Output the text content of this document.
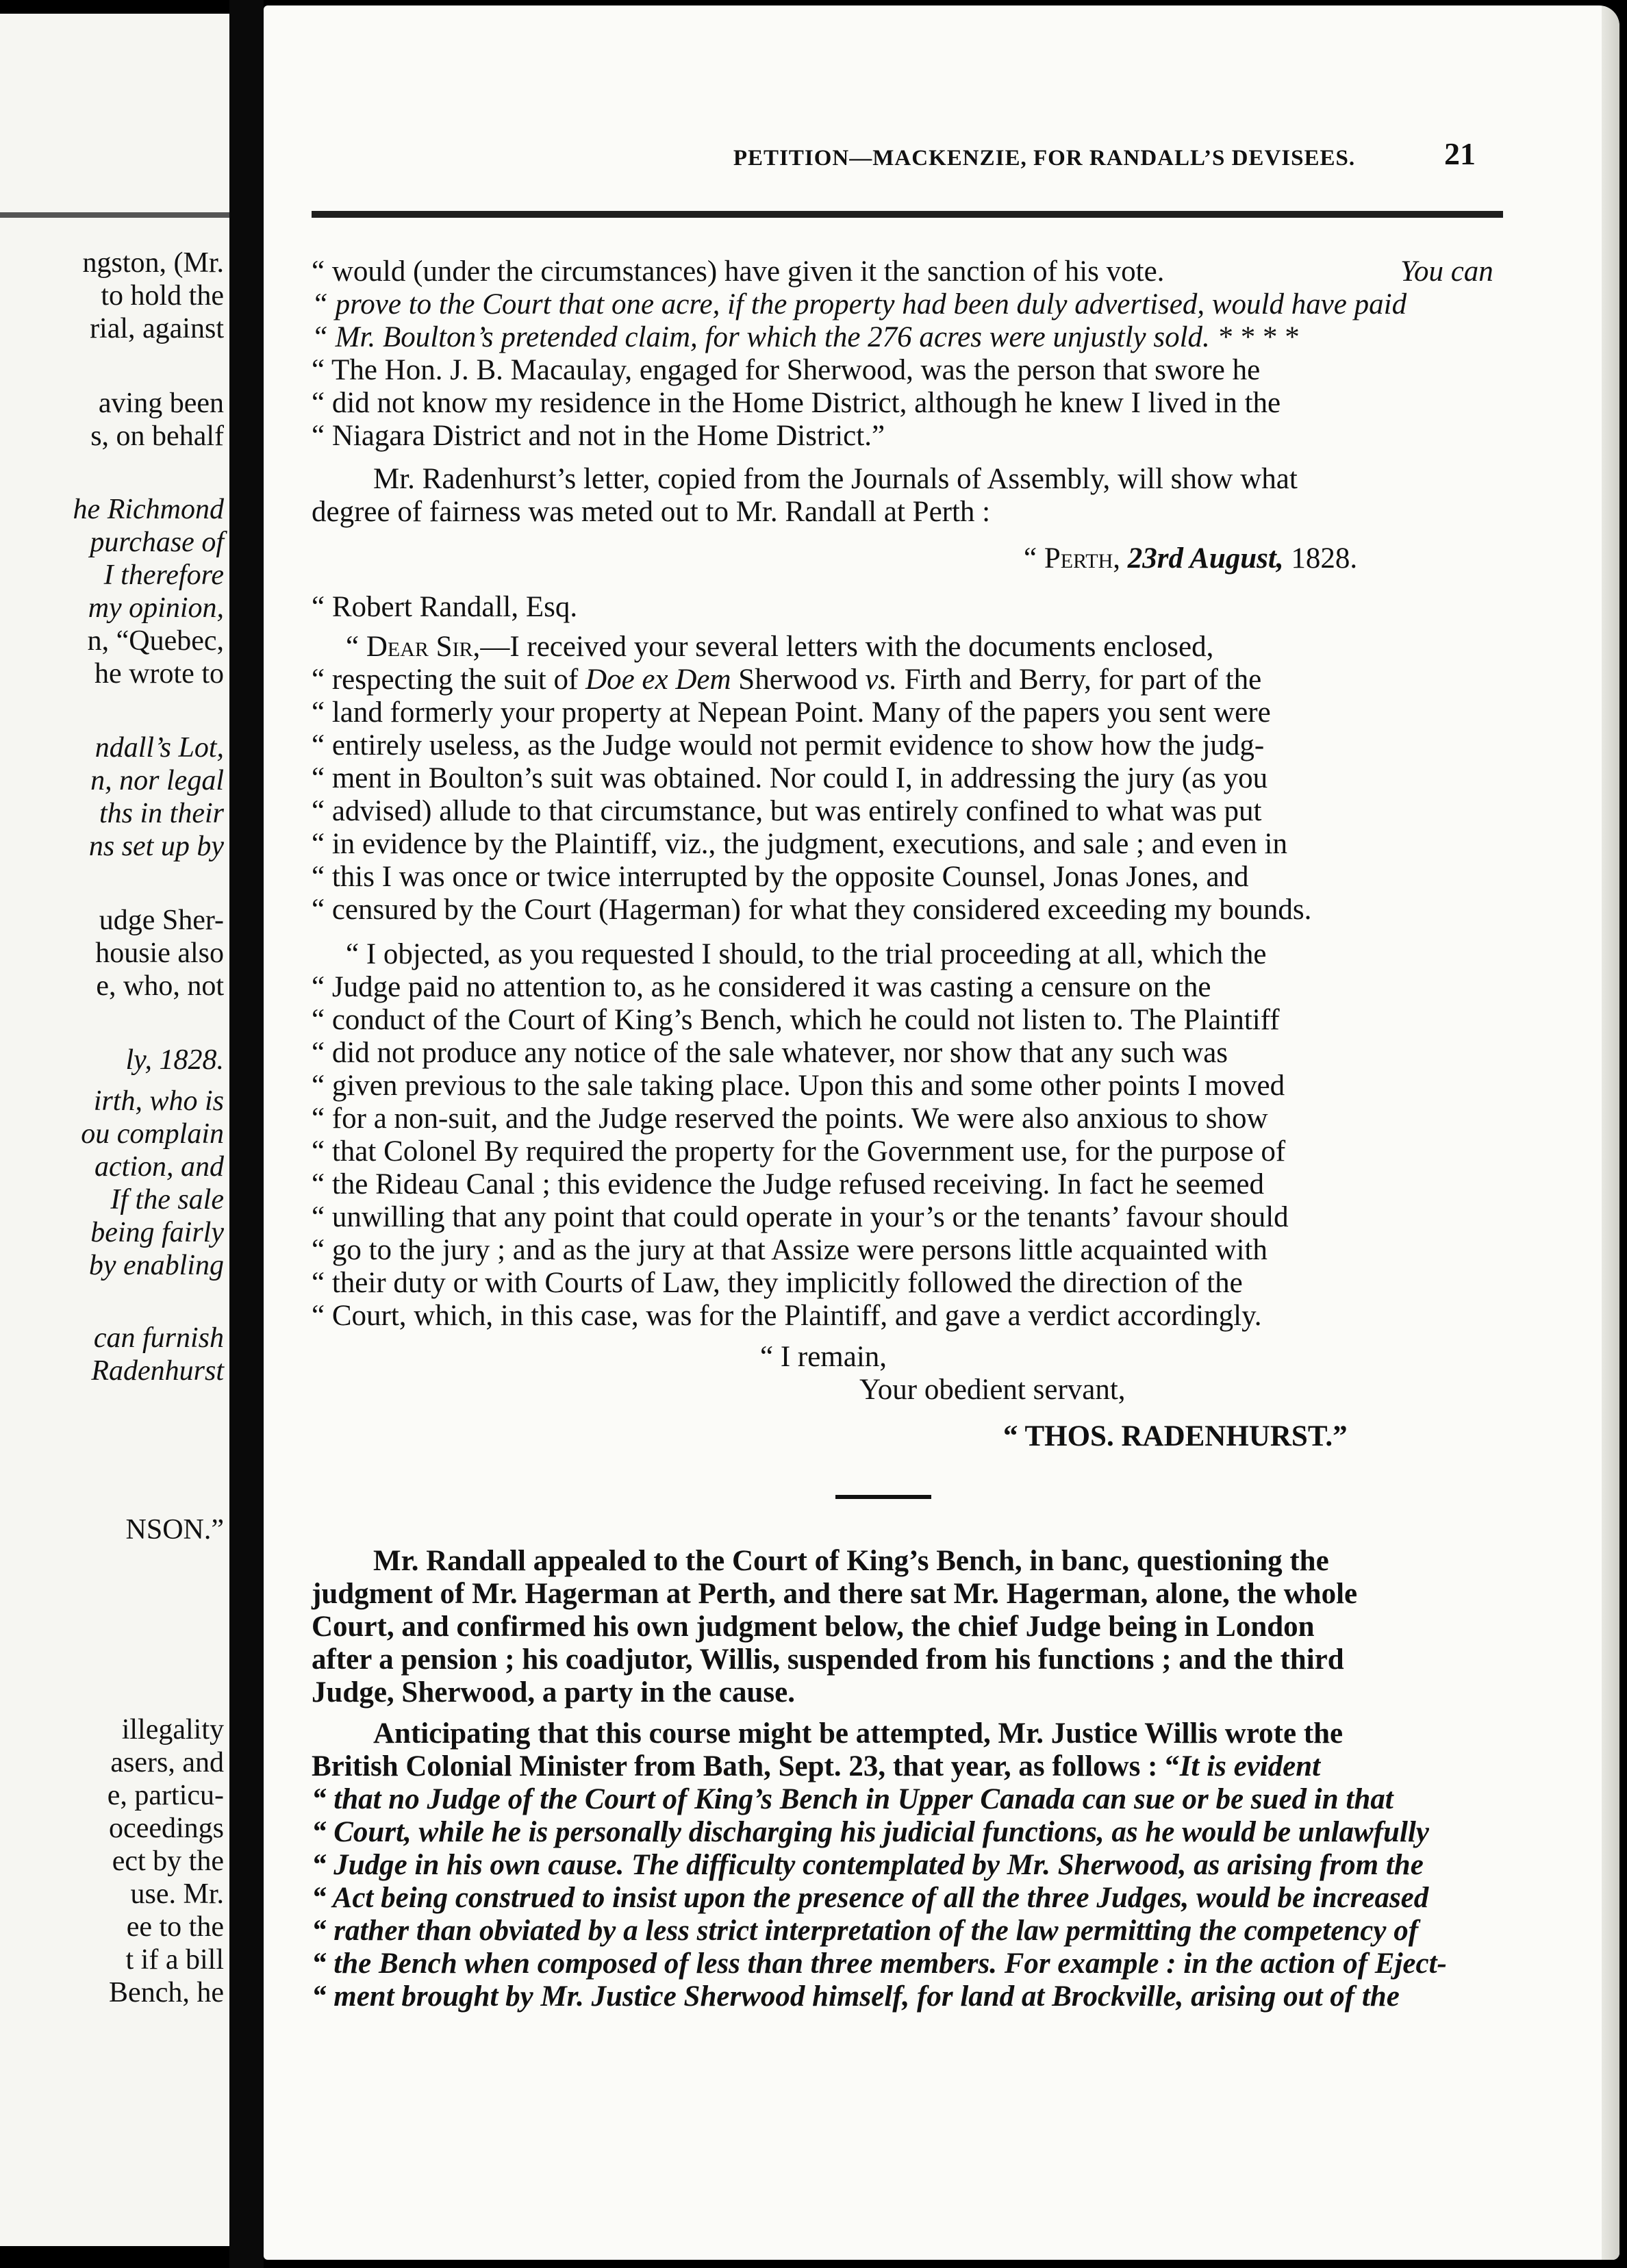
ngston, (Mr.
to hold the
rial, against
aving been
s, on behalf
he Richmond
purchase of
I therefore
my opinion,
n, “Quebec,
he wrote to
ndall’s Lot,
n, nor legal
ths in their
ns set up by
udge Sher-
housie also
e, who, not
ly, 1828.
irth, who is
ou complain
action, and
If the sale
being fairly
by enabling
can furnish
Radenhurst
NSON.”
illegality
asers, and
e, particu-
oceedings
ect by the
use. Mr.
ee to the
t if a bill
Bench, he
PETITION—MACKENZIE, FOR RANDALL’S DEVISEES.	21
“ would (under the circumstances) have given it the sanction of his vote.	You can
“ prove to the Court that one acre, if the property had been duly advertised, would have paid
“ Mr. Boulton’s pretended claim, for which the 276 acres were unjustly sold. * * * *
“ The Hon. J. B. Macaulay, engaged for Sherwood, was the person that swore he
“ did not know my residence in the Home District, although he knew I lived in the
“ Niagara District and not in the Home District.”
Mr. Radenhurst’s letter, copied from the Journals of Assembly, will show what
degree of fairness was meted out to Mr. Randall at Perth :
“ Perth, 23rd August, 1828.
“ Robert Randall, Esq.
“ Dear Sir,—I received your several letters with the documents enclosed,
“ respecting the suit of Doe ex Dem Sherwood vs. Firth and Berry, for part of the
“ land formerly your property at Nepean Point. Many of the papers you sent were
“ entirely useless, as the Judge would not permit evidence to show how the judg-
“ ment in Boulton’s suit was obtained. Nor could I, in addressing the jury (as you
“ advised) allude to that circumstance, but was entirely confined to what was put
“ in evidence by the Plaintiff, viz., the judgment, executions, and sale ; and even in
“ this I was once or twice interrupted by the opposite Counsel, Jonas Jones, and
“ censured by the Court (Hagerman) for what they considered exceeding my bounds.
“ I objected, as you requested I should, to the trial proceeding at all, which the
“ Judge paid no attention to, as he considered it was casting a censure on the
“ conduct of the Court of King’s Bench, which he could not listen to. The Plaintiff
“ did not produce any notice of the sale whatever, nor show that any such was
“ given previous to the sale taking place. Upon this and some other points I moved
“ for a non-suit, and the Judge reserved the points. We were also anxious to show
“ that Colonel By required the property for the Government use, for the purpose of
“ the Rideau Canal ; this evidence the Judge refused receiving. In fact he seemed
“ unwilling that any point that could operate in your’s or the tenants’ favour should
“ go to the jury ; and as the jury at that Assize were persons little acquainted with
“ their duty or with Courts of Law, they implicitly followed the direction of the
“ Court, which, in this case, was for the Plaintiff, and gave a verdict accordingly.
“ I remain,
Your obedient servant,
“ THOS. RADENHURST.”
Mr. Randall appealed to the Court of King’s Bench, in banc, questioning the
judgment of Mr. Hagerman at Perth, and there sat Mr. Hagerman, alone, the whole
Court, and confirmed his own judgment below, the chief Judge being in London
after a pension ; his coadjutor, Willis, suspended from his functions ; and the third
Judge, Sherwood, a party in the cause.
Anticipating that this course might be attempted, Mr. Justice Willis wrote the
British Colonial Minister from Bath, Sept. 23, that year, as follows : “It is evident
“ that no Judge of the Court of King’s Bench in Upper Canada can sue or be sued in that
“ Court, while he is personally discharging his judicial functions, as he would be unlawfully
“ Judge in his own cause. The difficulty contemplated by Mr. Sherwood, as arising from the
“ Act being construed to insist upon the presence of all the three Judges, would be increased
“ rather than obviated by a less strict interpretation of the law permitting the competency of
“ the Bench when composed of less than three members. For example : in the action of Eject-
“ ment brought by Mr. Justice Sherwood himself, for land at Brockville, arising out of the
